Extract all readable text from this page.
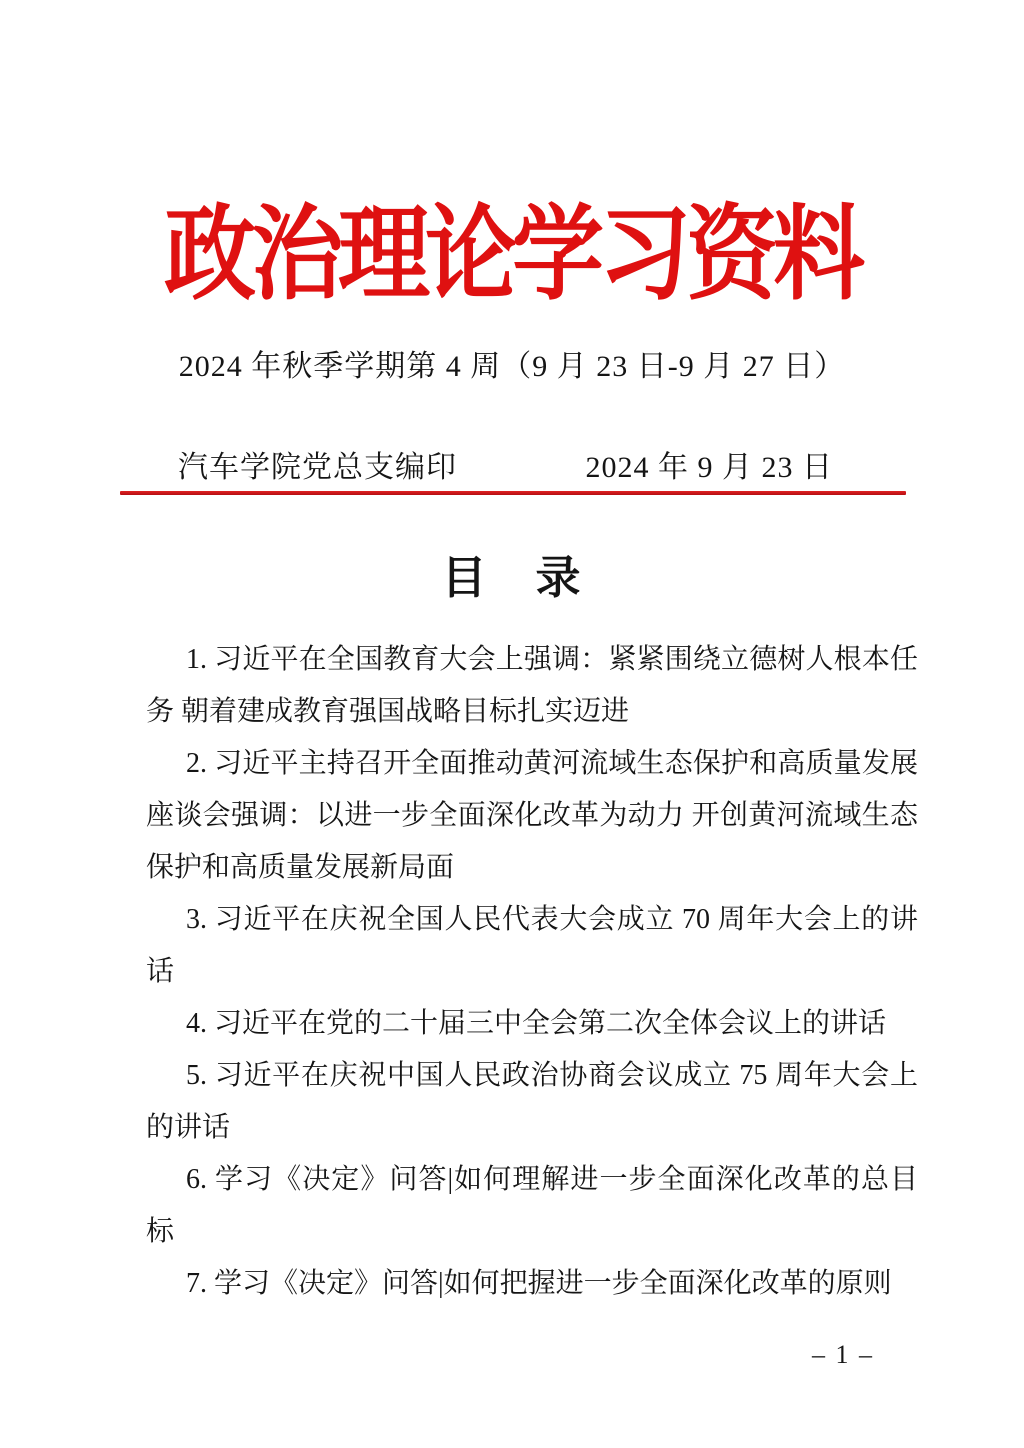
政治理论学习资料
2024 年秋季学期第 4 周（9 月 23 日-9 月 27 日）
汽车学院党总支编印	2024 年 9 月 23 日
目　录

1. 习近平在全国教育大会上强调：紧紧围绕立德树人根本任务 朝着建成教育强国战略目标扎实迈进

2. 习近平主持召开全面推动黄河流域生态保护和高质量发展座谈会强调：以进一步全面深化改革为动力 开创黄河流域生态保护和高质量发展新局面

3. 习近平在庆祝全国人民代表大会成立 70 周年大会上的讲话

4. 习近平在党的二十届三中全会第二次全体会议上的讲话

5. 习近平在庆祝中国人民政治协商会议成立 75 周年大会上的讲话

6. 学习《决定》问答|如何理解进一步全面深化改革的总目标

7. 学习《决定》问答|如何把握进一步全面深化改革的原则

– 1 –
